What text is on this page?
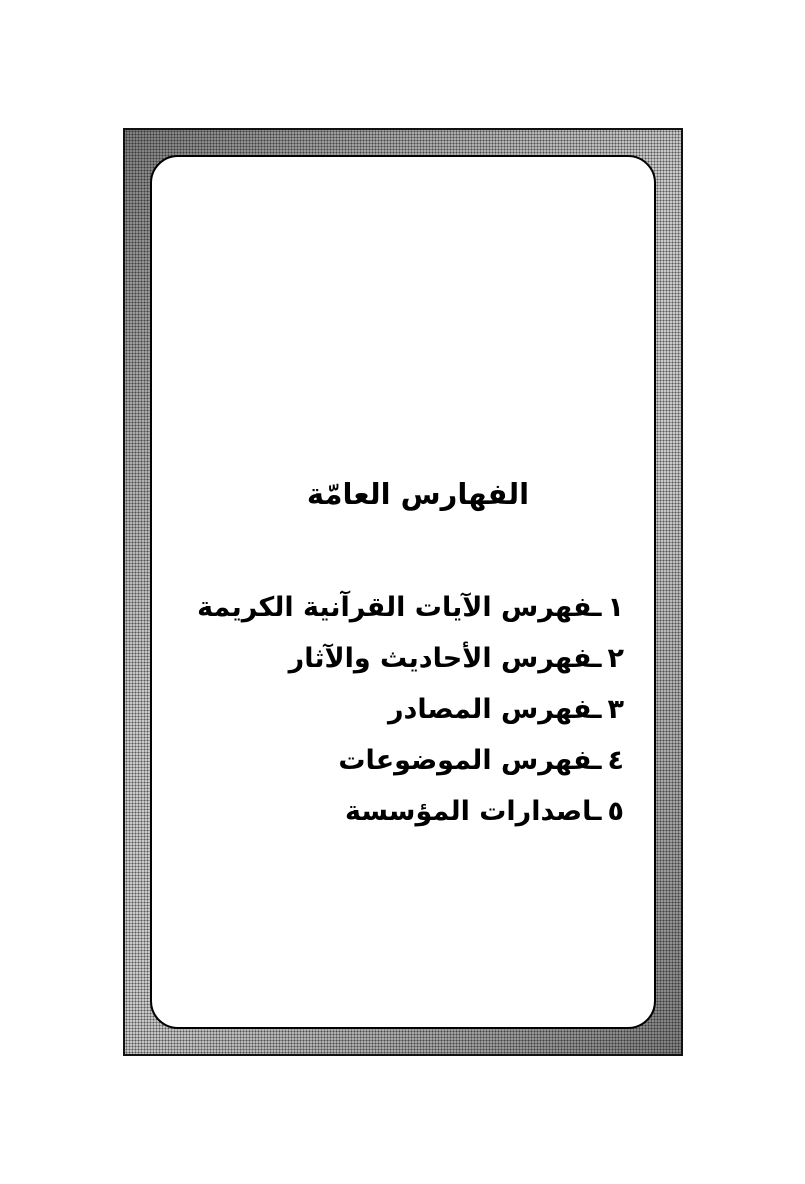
الفهارس العامّة
١ـفهرس الآيات القرآنية الكريمة
٢ـفهرس الأحاديث والآثار
٣ـفهرس المصادر
٤ـفهرس الموضوعات
٥ـاصدارات المؤسسة
